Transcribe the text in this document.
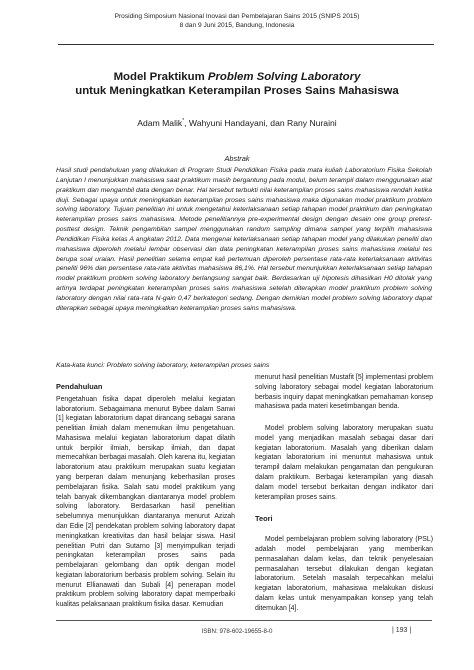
Prosiding Simposium Nasional Inovasi dan Pembelajaran Sains 2015 (SNIPS 2015)
8 dan 9 Juni 2015, Bandung, Indonesia
Model Praktikum Problem Solving Laboratory
untuk Meningkatkan Keterampilan Proses Sains Mahasiswa
Adam Malik*, Wahyuni Handayani, dan Rany Nuraini
Abstrak
Hasil studi pendahuluan yang dilakukan di Program Studi Pendidikan Fisika pada mata kuliah Laboratorium Fisika Sekolah Lanjutan I menunjukkan mahasiswa saat praktikum masih bergantung pada modul, belum terampil dalam menggunakan alat praktikum dan mengambil data dengan benar. Hal tersebut terbukti nilai keterampilan proses sains mahasiswa rendah ketika diuji. Sebagai upaya untuk meningkatkan keterampilan proses sains mahasiswa maka digunakan model praktikum problem solving laboratory. Tujuan penelitian ini untuk mengetahui keterlaksanaan setiap tahapan model praktikum dan peningkatan keterampilan proses sains mahasiswa. Metode penelitiannya pre-experimental design dengan desain one group pretest-posttest design. Teknik pengambilan sampel menggunakan random sampling dimana sampel yang terpilih mahasiswa Pendidikan Fisika kelas A angkatan 2012. Data mengenai keterlaksanaan setiap tahapan model yang dilakukan peneliti dan mahasiswa diperoleh melalui lembar observasi dan data peningkatan keterampilan proses sains mahasiswa melalui tes berupa soal uraian. Hasil penelitian selama empat kali pertemuan diperoleh persentase rata-rata keterlaksanaan aktivitas peneliti 96% dan persentase rata-rata aktivitas mahasiswa 86,1%. Hal tersebut menunjukkan keterlaksanaan setiap tahapan model praktikum problem solving laboratory berlangsung sangat baik. Berdasarkan uji hipotesis dihasilkan H0 ditolak yang artinya terdapat peningkatan keterampilan proses sains mahasiswa setelah diterapkan model praktikum problem solving laboratory dengan nilai rata-rata N-gain 0,47 berkategori sedang. Dengan demikian model problem solving laboratory dapat diterapkan sebagai upaya meningkatkan keterampilan proses sains mahasiswa.
Kata-kata kunci: Problem solving laboratory, keterampilan proses sains
Pendahuluan

Pengetahuan fisika dapat diperoleh melalui kegiatan laboratorium. Sebagaimana menurut Bybee dalam Sanwi [1] kegiatan laboratorium dapat dirancang sebagai sarana penelitian ilmiah dalam menemukan ilmu pengetahuan. Mahasiswa melalui kegiatan laboratorium dapat dilatih untuk berpikir ilmiah, bersikap ilmiah, dan dapat memecahkan berbagai masalah. Oleh karena itu, kegiatan laboratorium atau praktikum merupakan suatu kegiatan yang berperan dalam menunjang keberhasilan proses pembelajaran fisika. Salah satu model praktikum yang telah banyak dikembangkan diantaranya model problem solving laboratory. Berdasarkan hasil penelitian sebelumnya menunjukkan diantaranya menurut Azizah dan Edie [2] pendekatan problem solving laboratory dapat meningkatkan kreativitas dan hasil belajar siswa. Hasil penelitian Putri dan Sutarno [3] menyimpulkan terjadi peningkatan keterampilan proses sains pada pembelajaran gelombang dan optik dengan model kegiatan laboratorium berbasis problem solving. Selain itu menurut Ellianawati dan Subali [4] penerapan model praktikum problem solving laboratory dapat memperbaiki kualitas pelaksanaan praktikum fisika dasar. Kemudian

menurut hasil penelitian Mustafit [5] implementasi problem solving laboratory sebagai model kegiatan laboratorium berbasis inquiry dapat meningkatkan pemahaman konsep mahasiswa pada materi kesetimbangan benda.

Model problem solving laboratory merupakan suatu model yang menjadikan masalah sebagai dasar dari kegiatan laboratorium. Masalah yang diberikan dalam kegiatan laboratorium ini menuntut mahasiswa untuk terampil dalam melakukan pengamatan dan pengukuran dalam praktikum. Berbagai keterampilan yang diasah dalam model tersebut berkaitan dengan indikator dari keterampilan proses sains.

Teori

Model pembelajaran problem solving laboratory (PSL) adalah model pembelajaran yang memberikan permasalahan dalam kelas, dan teknik penyelesaian permasalahan tersebut dilakukan dengan kegiatan laboratorium. Setelah masalah terpecahkan melalui kegiatan laboratorium, mahasiswa melakukan diskusi dalam kelas untuk menyampaikan konsep yang telah ditemukan [4].

ISBN: 978-602-19655-8-0	| 193 |
